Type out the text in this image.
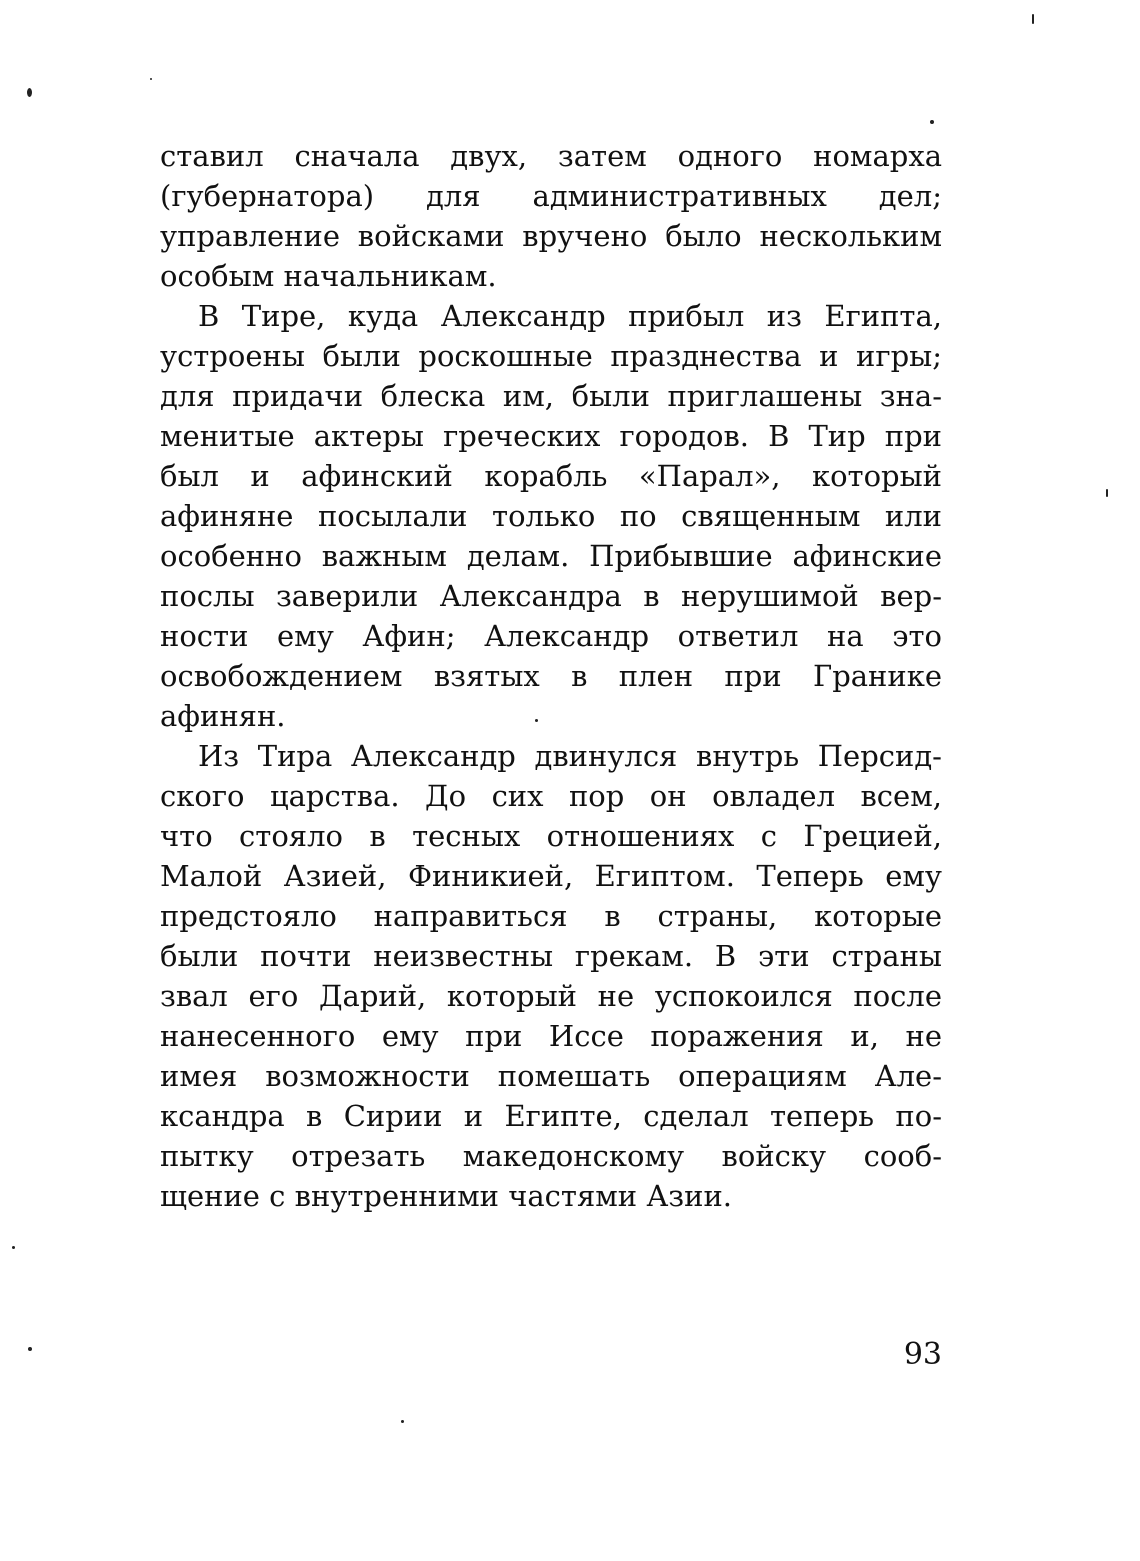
ставил сначала двух, затем одного номарха
(губернатора) для административных дел;
управление войсками вручено было нескольким
особым начальникам.
В Тире, куда Александр прибыл из Египта,
устроены были роскошные празднества и игры;
для придачи блеска им, были приглашены зна-
менитые актеры греческих городов. В Тир при
был и афинский корабль «Парал», который
афиняне посылали только по священным или
особенно важным делам. Прибывшие афинские
послы заверили Александра в нерушимой вер-
ности ему Афин; Александр ответил на это
освобождением взятых в плен при Гранике
афинян.
Из Тира Александр двинулся внутрь Персид-
ского царства. До сих пор он овладел всем,
что стояло в тесных отношениях с Грецией,
Малой Азией, Финикией, Египтом. Теперь ему
предстояло направиться в страны, которые
были почти неизвестны грекам. В эти страны
звал его Дарий, который не успокоился после
нанесенного ему при Иссе поражения и, не
имея возможности помешать операциям Але-
ксандра в Сирии и Египте, сделал теперь по-
пытку отрезать македонскому войску сооб-
щение с внутренними частями Азии.
93
